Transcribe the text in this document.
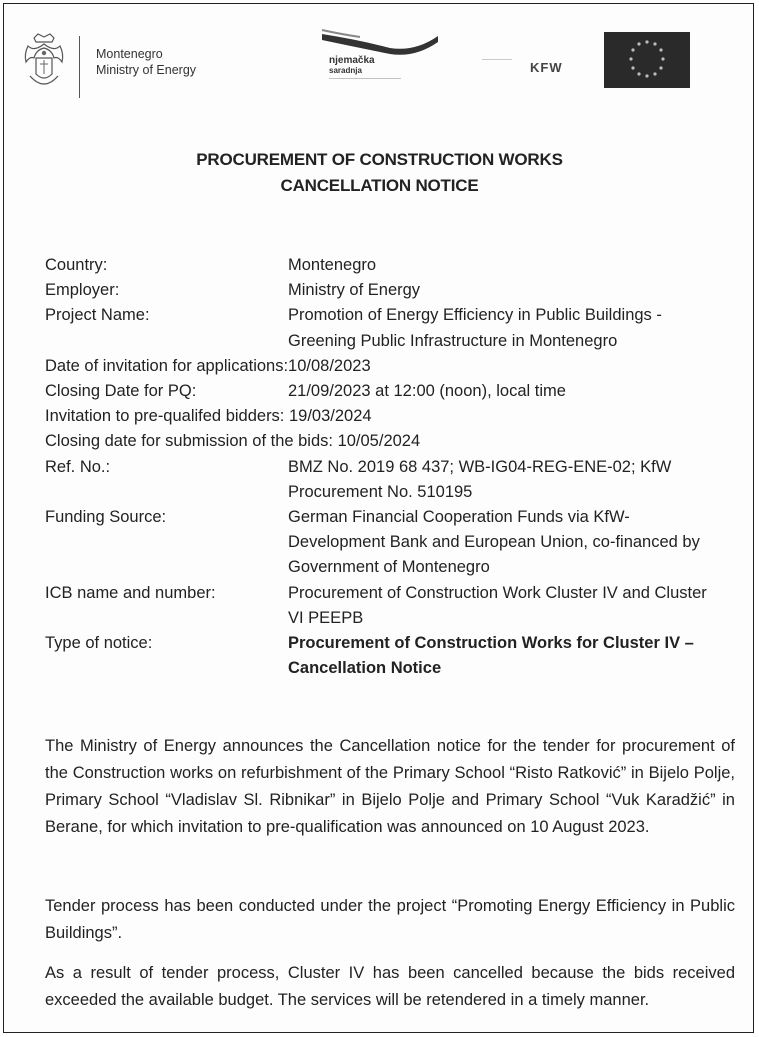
Montenegro
Ministry of Energy
njemačka
saradnja
————————————
—————— KFW
PROCUREMENT OF CONSTRUCTION WORKS
CANCELLATION NOTICE
Country:	Montenegro
Employer:	Ministry of Energy
Project Name:	Promotion of Energy Efficiency in Public Buildings -
Greening Public Infrastructure in Montenegro
Date of invitation for applications:10/08/2023
Closing Date for PQ:	21/09/2023 at 12:00 (noon), local time
Invitation to pre-qualifed bidders: 19/03/2024
Closing date for submission of the bids: 10/05/2024
Ref. No.:	BMZ No. 2019 68 437; WB-IG04-REG-ENE-02; KfW
Procurement No. 510195
Funding Source:	German Financial Cooperation Funds via KfW-
Development Bank and European Union, co-financed by
Government of Montenegro
ICB name and number:	Procurement of Construction Work Cluster IV and Cluster
VI PEEPB
Type of notice:	Procurement of Construction Works for Cluster IV –
Cancellation Notice
The Ministry of Energy announces the Cancellation notice for the tender for procurement of the Construction works on refurbishment of the Primary School “Risto Ratković” in Bijelo Polje, Primary School “Vladislav Sl. Ribnikar” in Bijelo Polje and Primary School “Vuk Karadžić” in Berane, for which invitation to pre-qualification was announced on 10 August 2023.
Tender process has been conducted under the project “Promoting Energy Efficiency in Public Buildings”.
As a result of tender process, Cluster IV has been cancelled because the bids received exceeded the available budget. The services will be retendered in a timely manner.
